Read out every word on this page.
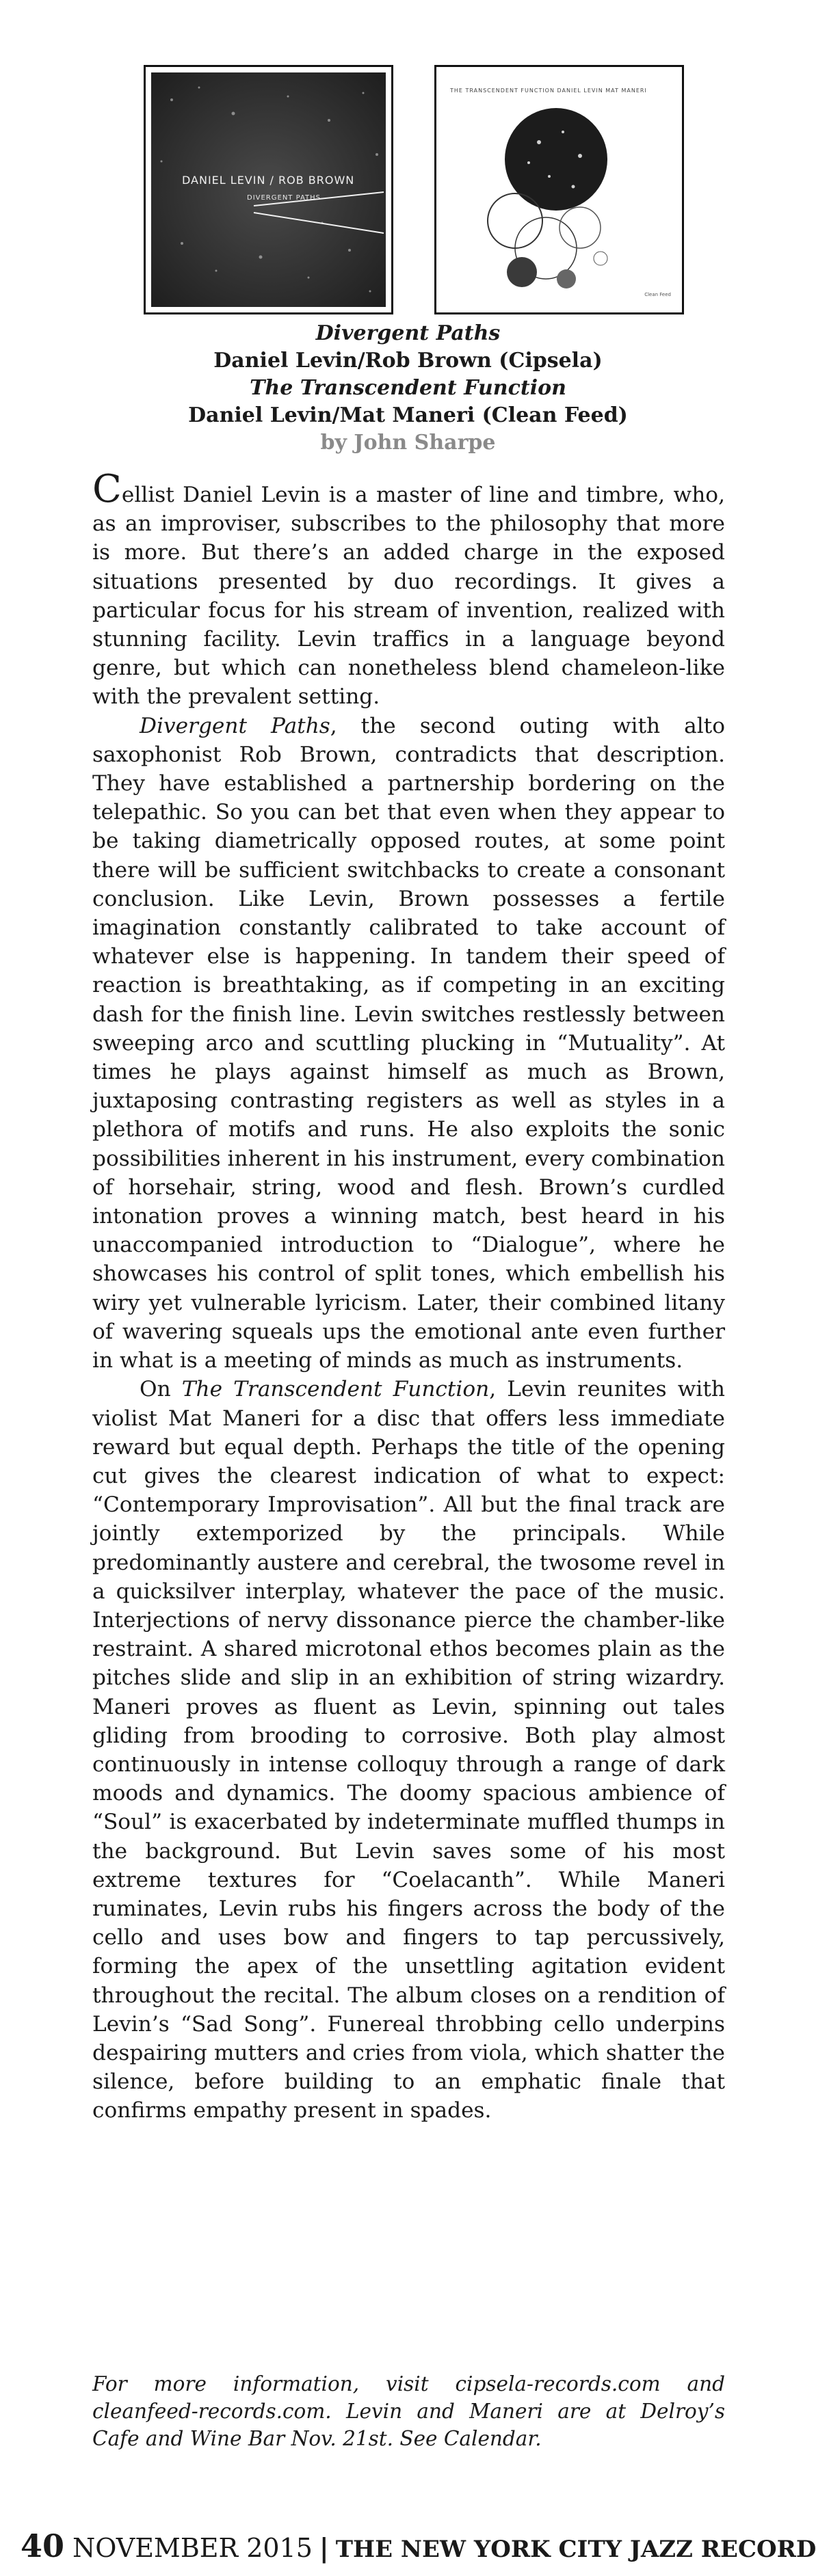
DANIEL LEVIN / ROB BROWN
DIVERGENT PATHS
THE TRANSCENDENT FUNCTION DANIEL LEVIN MAT MANERI
Clean Feed
Divergent Paths
Daniel Levin/Rob Brown (Cipsela)
The Transcendent Function
Daniel Levin/Mat Maneri (Clean Feed)
by John Sharpe

Cellist Daniel Levin is a master of line and timbre, who, as an improviser, subscribes to the philosophy that more is more. But there’s an added charge in the exposed situations presented by duo recordings. It gives a particular focus for his stream of invention, realized with stunning facility. Levin traffics in a language beyond genre, but which can nonetheless blend chameleon-like with the prevalent setting.

Divergent Paths, the second outing with alto saxophonist Rob Brown, contradicts that description. They have established a partnership bordering on the telepathic. So you can bet that even when they appear to be taking diametrically opposed routes, at some point there will be sufficient switchbacks to create a consonant conclusion. Like Levin, Brown possesses a fertile imagination constantly calibrated to take account of whatever else is happening. In tandem their speed of reaction is breathtaking, as if competing in an exciting dash for the finish line. Levin switches restlessly between sweeping arco and scuttling plucking in “Mutuality”. At times he plays against himself as much as Brown, juxtaposing contrasting registers as well as styles in a plethora of motifs and runs. He also exploits the sonic possibilities inherent in his instrument, every combination of horsehair, string, wood and flesh. Brown’s curdled intonation proves a winning match, best heard in his unaccompanied introduction to “Dialogue”, where he showcases his control of split tones, which embellish his wiry yet vulnerable lyricism. Later, their combined litany of wavering squeals ups the emotional ante even further in what is a meeting of minds as much as instruments.

On The Transcendent Function, Levin reunites with violist Mat Maneri for a disc that offers less immediate reward but equal depth. Perhaps the title of the opening cut gives the clearest indication of what to expect: “Contemporary Improvisation”. All but the final track are jointly extemporized by the principals. While predominantly austere and cerebral, the twosome revel in a quicksilver interplay, whatever the pace of the music. Interjections of nervy dissonance pierce the chamber-like restraint. A shared microtonal ethos becomes plain as the pitches slide and slip in an exhibition of string wizardry. Maneri proves as fluent as Levin, spinning out tales gliding from brooding to corrosive. Both play almost continuously in intense colloquy through a range of dark moods and dynamics. The doomy spacious ambience of “Soul” is exacerbated by indeterminate muffled thumps in the background. But Levin saves some of his most extreme textures for “Coelacanth”. While Maneri ruminates, Levin rubs his fingers across the body of the cello and uses bow and fingers to tap percussively, forming the apex of the unsettling agitation evident throughout the recital. The album closes on a rendition of Levin’s “Sad Song”. Funereal throbbing cello underpins despairing mutters and cries from viola, which shatter the silence, before building to an emphatic finale that confirms empathy present in spades.

For more information, visit cipsela-records.com and cleanfeed-records.com. Levin and Maneri are at Delroy’s Cafe and Wine Bar Nov. 21st. See Calendar.
40 NOVEMBER 2015 | THE NEW YORK CITY JAZZ RECORD
